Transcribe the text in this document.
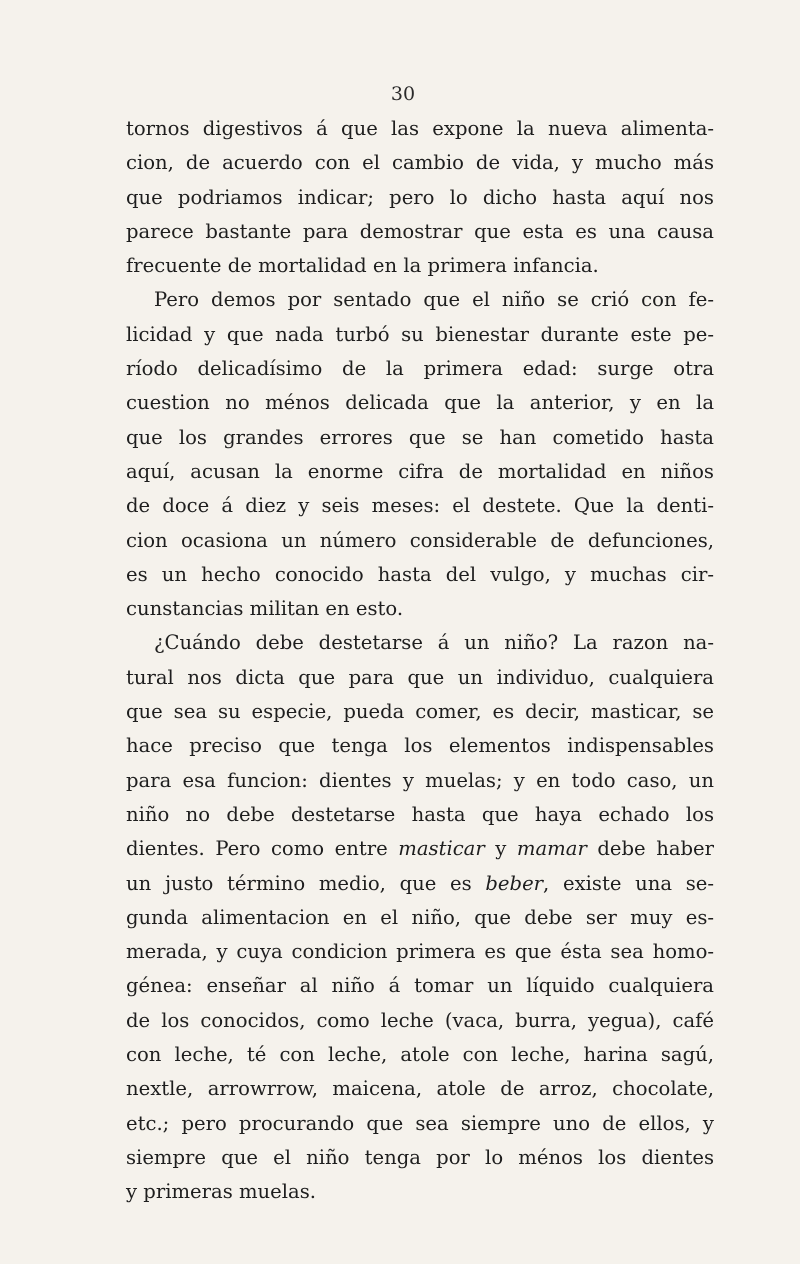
30
tornos digestivos á que las expone la nueva alimenta-
cion, de acuerdo con el cambio de vida, y mucho más
que podriamos indicar; pero lo dicho hasta aquí nos
parece bastante para demostrar que esta es una causa
frecuente de mortalidad en la primera infancia.
Pero demos por sentado que el niño se crió con fe-
licidad y que nada turbó su bienestar durante este pe-
ríodo delicadísimo de la primera edad: surge otra
cuestion no ménos delicada que la anterior, y en la
que los grandes errores que se han cometido hasta
aquí, acusan la enorme cifra de mortalidad en niños
de doce á diez y seis meses: el destete. Que la denti-
cion ocasiona un número considerable de defunciones,
es un hecho conocido hasta del vulgo, y muchas cir-
cunstancias militan en esto.
¿Cuándo debe destetarse á un niño? La razon na-
tural nos dicta que para que un individuo, cualquiera
que sea su especie, pueda comer, es decir, masticar, se
hace preciso que tenga los elementos indispensables
para esa funcion: dientes y muelas; y en todo caso, un
niño no debe destetarse hasta que haya echado los
dientes. Pero como entre masticar y mamar debe haber
un justo término medio, que es beber, existe una se-
gunda alimentacion en el niño, que debe ser muy es-
merada, y cuya condicion primera es que ésta sea homo-
génea: enseñar al niño á tomar un líquido cualquiera
de los conocidos, como leche (vaca, burra, yegua), café
con leche, té con leche, atole con leche, harina sagú,
nextle, arrowrrow, maicena, atole de arroz, chocolate,
etc.; pero procurando que sea siempre uno de ellos, y
siempre que el niño tenga por lo ménos los dientes
y primeras muelas.
